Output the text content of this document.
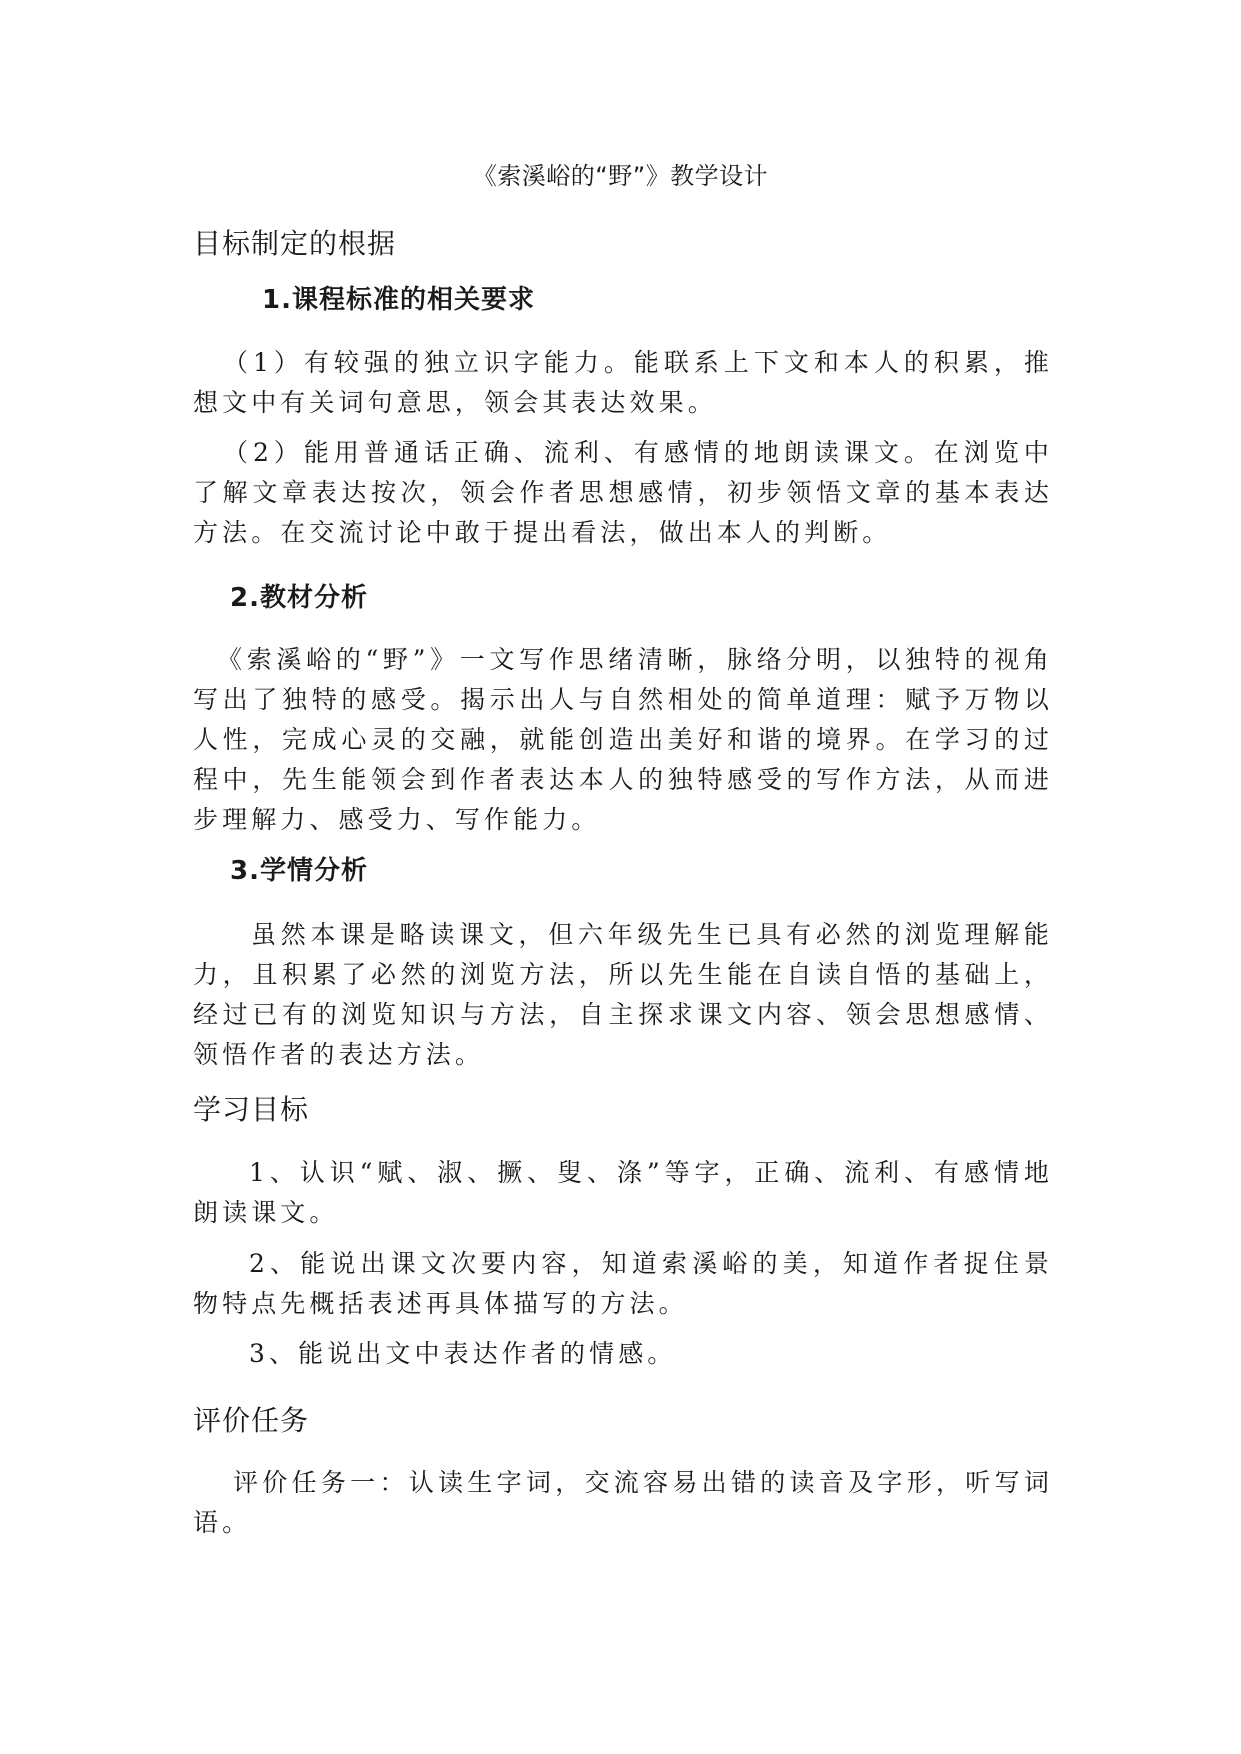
《索溪峪的“野”》教学设计
目标制定的根据
1.课程标准的相关要求
（1）有较强的独立识字能力。能联系上下文和本人的积累，推想文中有关词句意思，领会其表达效果。
（2）能用普通话正确、流利、有感情的地朗读课文。在浏览中了解文章表达按次，领会作者思想感情，初步领悟文章的基本表达方法。在交流讨论中敢于提出看法，做出本人的判断。
2.教材分析
《索溪峪的“野”》一文写作思绪清晰，脉络分明，以独特的视角写出了独特的感受。揭示出人与自然相处的简单道理：赋予万物以人性，完成心灵的交融，就能创造出美好和谐的境界。在学习的过程中，先生能领会到作者表达本人的独特感受的写作方法，从而进步理解力、感受力、写作能力。
3.学情分析
虽然本课是略读课文，但六年级先生已具有必然的浏览理解能力，且积累了必然的浏览方法，所以先生能在自读自悟的基础上，经过已有的浏览知识与方法，自主探求课文内容、领会思想感情、领悟作者的表达方法。
学习目标
1、认识“赋、淑、撅、叟、涤”等字，正确、流利、有感情地朗读课文。
2、能说出课文次要内容，知道索溪峪的美，知道作者捉住景物特点先概括表述再具体描写的方法。
3、能说出文中表达作者的情感。
评价任务
评价任务一：认读生字词，交流容易出错的读音及字形，听写词语。
